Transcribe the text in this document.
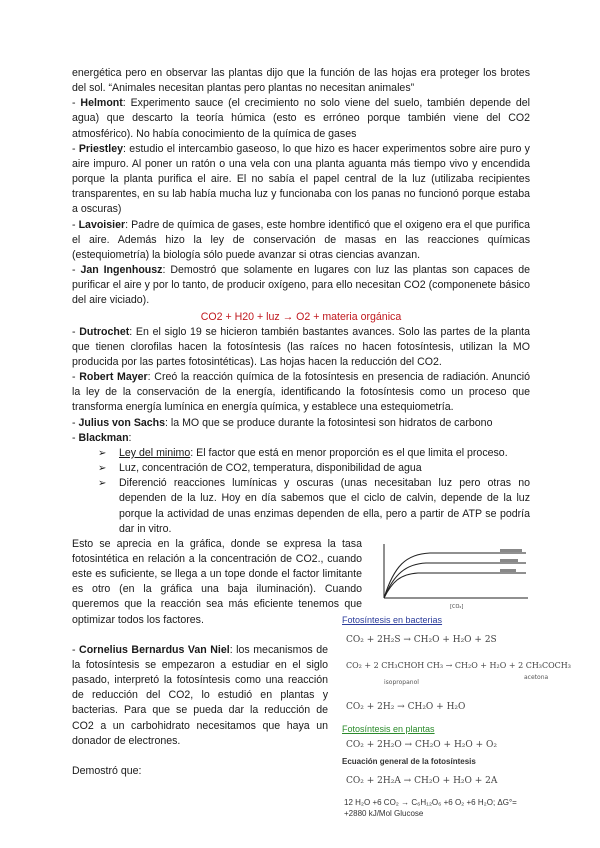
energética pero en observar las plantas dijo que la función de las hojas era proteger los brotes del sol. “Animales necesitan plantas pero plantas no necesitan animales”

- Helmont: Experimento sauce (el crecimiento no solo viene del suelo, también depende del agua) que descarto la teoría húmica (esto es erróneo porque también viene del CO2 atmosférico). No había conocimiento de la química de gases

- Priestley: estudio el intercambio gaseoso, lo que hizo es hacer experimentos sobre aire puro y aire impuro. Al poner un ratón o una vela con una planta aguanta más tiempo vivo y encendida porque la planta purifica el aire. El no sabía el papel central de la luz (utilizaba recipientes transparentes, en su lab había mucha luz y funcionaba con los panas no funcionó porque estaba a oscuras)

- Lavoisier: Padre de química de gases, este hombre identificó que el oxigeno era el que purifica el aire. Además hizo la ley de conservación de masas en las reacciones químicas (estequiometría) la biología sólo puede avanzar si otras ciencias avanzan.

- Jan Ingenhousz: Demostró que solamente en lugares con luz las plantas son capaces de purificar el aire y por lo tanto, de producir oxígeno, para ello necesitan CO2 (componenete básico del aire viciado).

CO2 + H20 + luz → O2 + materia orgánica

- Dutrochet: En el siglo 19 se hicieron también bastantes avances. Solo las partes de la planta que tienen clorofilas hacen la fotosíntesis (las raíces no hacen fotosíntesis, utilizan la MO producida por las partes fotosintéticas). Las hojas hacen la reducción del CO2.

- Robert Mayer: Creó la reacción química de la fotosíntesis en presencia de radiación. Anunció la ley de la conservación de la energía, identificando la fotosíntesis como un proceso que transforma energía lumínica en energía química, y establece una estequiometría.

- Julius von Sachs: la MO que se produce durante la fotosintesi son hidratos de carbono

- Blackman:

➢ Ley del minimo: El factor que está en menor proporción es el que limita el proceso.
➢ Luz, concentración de CO2, temperatura, disponibilidad de agua
➢ Diferenció reacciones lumínicas y oscuras (unas necesitaban luz pero otras no dependen de la luz. Hoy en día sabemos que el ciclo de calvin, depende de la luz porque la actividad de unas enzimas dependen de ella, pero a partir de ATP se podría dar in vitro.

Esto se aprecia en la gráfica, donde se expresa la tasa fotosintética en relación a la concentración de CO2., cuando este es suficiente, se llega a un tope donde el factor limitante es otro (en la gráfica una baja iluminación). Cuando queremos que la reacción sea más eficiente tenemos que optimizar todos los factores.

- Cornelius Bernardus Van Niel: los mecanismos de la fotosíntesis se empezaron a estudiar en el siglo pasado, interpretó la fotosíntesis como una reacción de reducción del CO2, lo estudió en plantas y bacterias. Para que se pueda dar la reducción de CO2 a un carbohidrato necesitamos que haya un donador de electrones.

Demostró que:

[CO₂]
Fotosíntesis en bacterias
CO₂ + 2H₂S → CH₂O + H₂O + 2S
CO₂ + 2 CH₃CHOH CH₃ → CH₂O + H₂O + 2 CH₃COCH₃
isopropanol
acetona
CO₂ + 2H₂ → CH₂O + H₂O
Fotosíntesis en plantas
CO₂ + 2H₂O → CH₂O + H₂O + O₂
Ecuación general de la fotosíntesis
CO₂ + 2H₂A → CH₂O + H₂O + 2A
12 H₂O +6 CO₂ → C₆H₁₂O₆ +6 O₂ +6 H₂O; ΔG°=
+2880 kJ/Mol Glucose
